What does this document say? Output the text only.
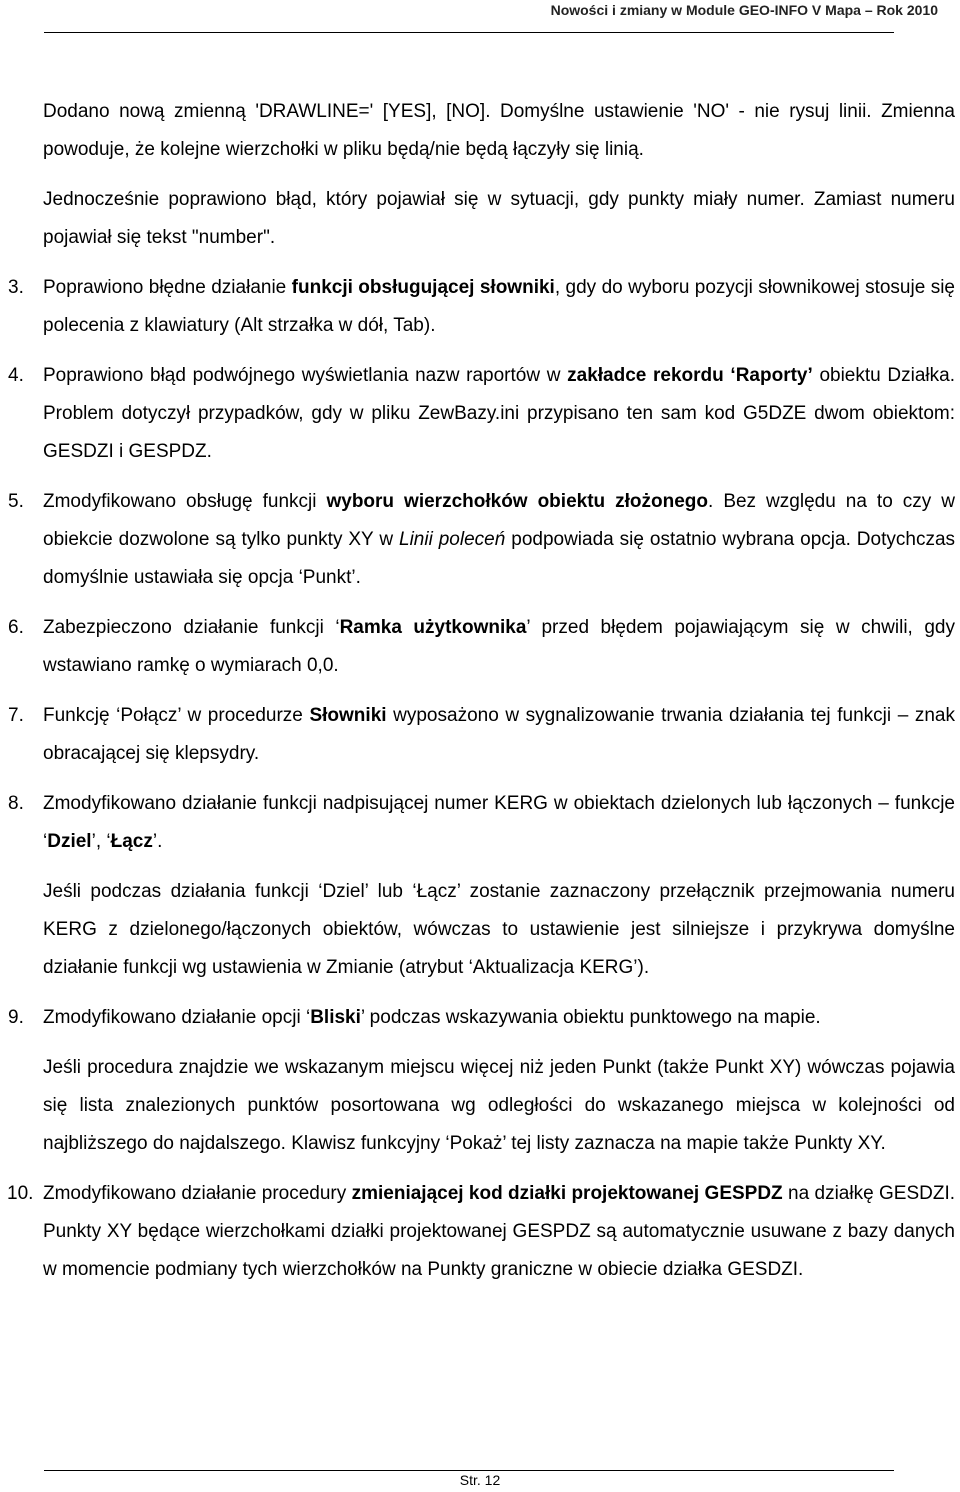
Nowości i zmiany w Module GEO-INFO V Mapa – Rok 2010

Dodano nową zmienną 'DRAWLINE=' [YES], [NO]. Domyślne ustawienie 'NO' - nie rysuj linii. Zmienna powoduje, że kolejne wierzchołki w pliku będą/nie będą łączyły się linią.

Jednocześnie poprawiono błąd, który pojawiał się w sytuacji, gdy punkty miały numer. Zamiast numeru pojawiał się tekst "number".

3. Poprawiono błędne działanie funkcji obsługującej słowniki, gdy do wyboru pozycji słownikowej stosuje się polecenia z klawiatury (Alt strzałka w dół, Tab).
4. Poprawiono błąd podwójnego wyświetlania nazw raportów w zakładce rekordu ‘Raporty’ obiektu Działka. Problem dotyczył przypadków, gdy w pliku ZewBazy.ini przypisano ten sam kod G5DZE dwom obiektom: GESDZI i GESPDZ.
5. Zmodyfikowano obsługę funkcji wyboru wierzchołków obiektu złożonego. Bez względu na to czy w obiekcie dozwolone są tylko punkty XY w Linii poleceń podpowiada się ostatnio wybrana opcja. Dotychczas domyślnie ustawiała się opcja ‘Punkt’.
6. Zabezpieczono działanie funkcji ‘Ramka użytkownika’ przed błędem pojawiającym się w chwili, gdy wstawiano ramkę o wymiarach 0,0.
7. Funkcję ‘Połącz’ w procedurze Słowniki wyposażono w sygnalizowanie trwania działania tej funkcji – znak obracającej się klepsydry.
8. Zmodyfikowano działanie funkcji nadpisującej numer KERG w obiektach dzielonych lub łączonych – funkcje ‘Dziel’, ‘Łącz’.

Jeśli podczas działania funkcji ‘Dziel’ lub ‘Łącz’ zostanie zaznaczony przełącznik przejmowania numeru KERG z dzielonego/łączonych obiektów, wówczas to ustawienie jest silniejsze i przykrywa domyślne działanie funkcji wg ustawienia w Zmianie (atrybut ‘Aktualizacja KERG’).

9. Zmodyfikowano działanie opcji ‘Bliski’ podczas wskazywania obiektu punktowego na mapie.

Jeśli procedura znajdzie we wskazanym miejscu więcej niż jeden Punkt (także Punkt XY) wówczas pojawia się lista znalezionych punktów posortowana wg odległości do wskazanego miejsca w kolejności od najbliższego do najdalszego. Klawisz funkcyjny ‘Pokaż’ tej listy zaznacza na mapie także Punkty XY.

10. Zmodyfikowano działanie procedury zmieniającej kod działki projektowanej GESPDZ na działkę GESDZI. Punkty XY będące wierzchołkami działki projektowanej GESPDZ są automatycznie usuwane z bazy danych w momencie podmiany tych wierzchołków na Punkty graniczne w obiecie działka GESDZI.
Str. 12
